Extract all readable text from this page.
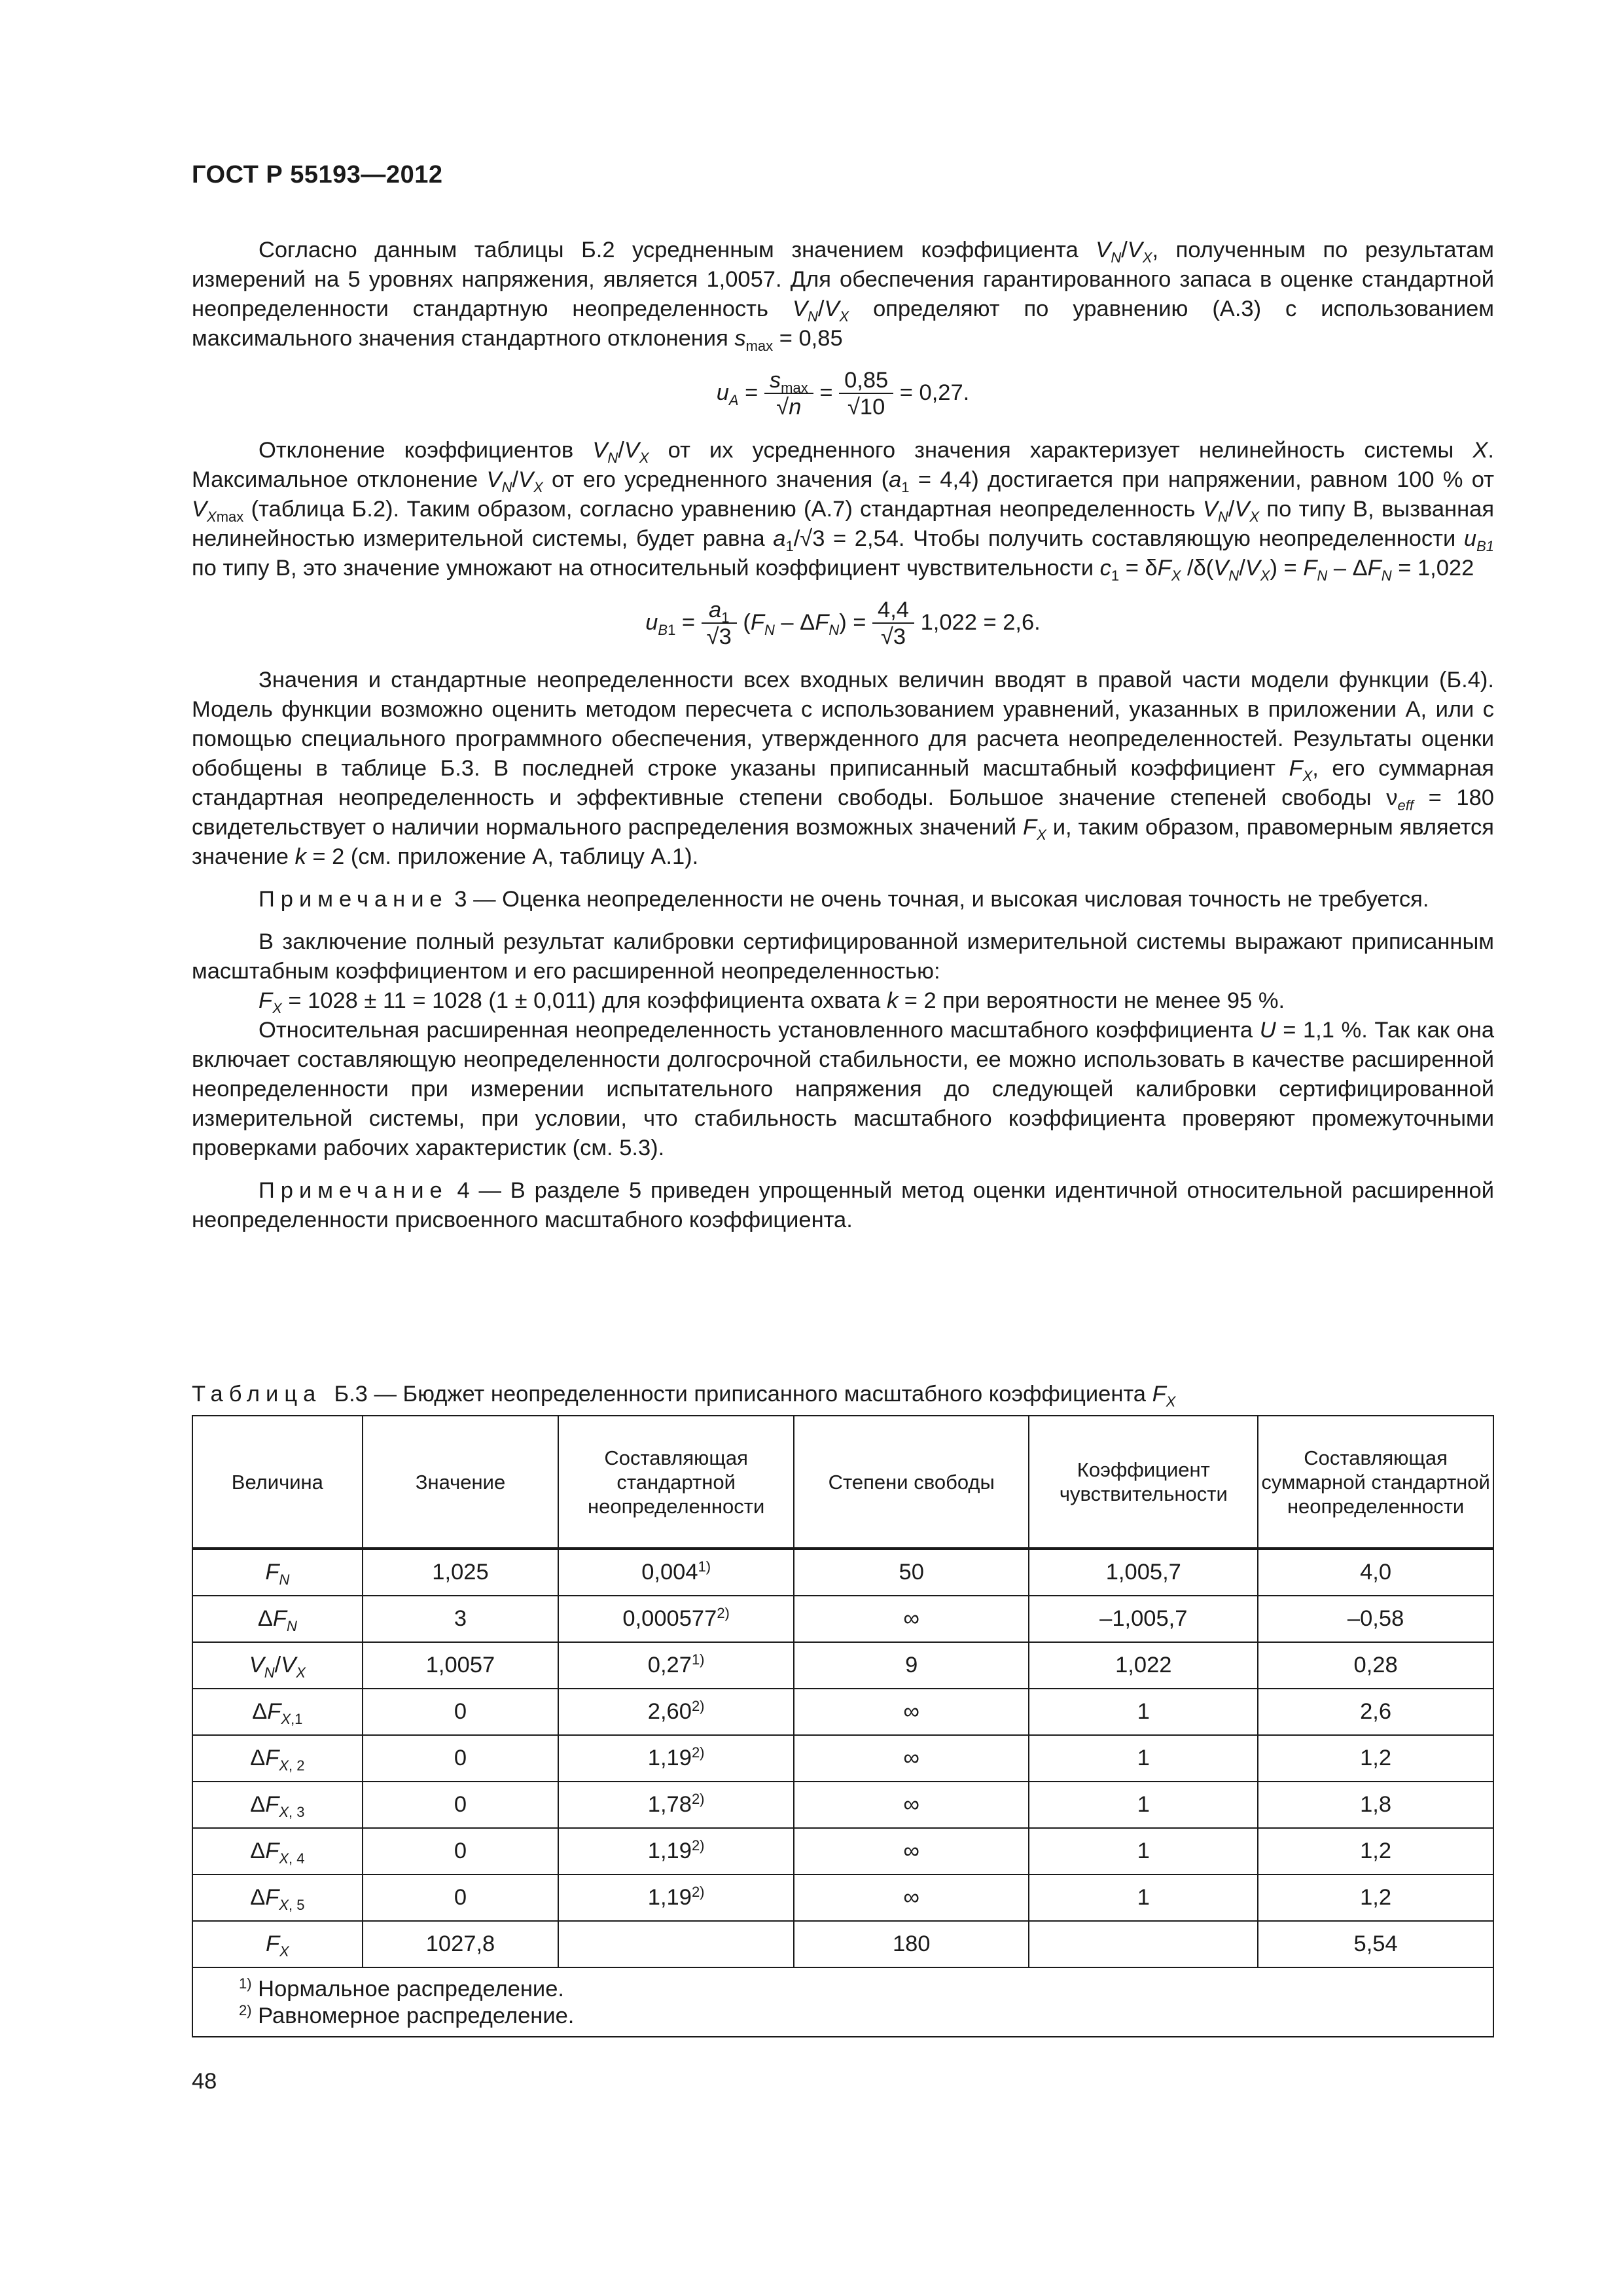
ГОСТ Р 55193—2012

Согласно данным таблицы Б.2 усредненным значением коэффициента $V_N/V_X$, полученным по результатам измерений на 5 уровнях напряжения, является 1,0057. Для обеспечения гарантированного запаса в оценке стандартной неопределенности стандартную неопределенность $V_N/V_X$ определяют по уравнению (А.3) с использованием максимального значения стандартного отклонения $s_{max} = 0,85$

$u_A = \frac{s_{max}}{√n} = \frac{0,85}{√10} = 0,27$.

Отклонение коэффициентов $V_N/V_X$ от их усредненного значения характеризует нелинейность системы X. Максимальное отклонение $V_N/V_X$ от его усредненного значения $(a_1 = 4,4)$ достигается при напряжении, равном 100 % от $V_{Xmax}$ (таблица Б.2). Таким образом, согласно уравнению (А.7) стандартная неопределенность $V_N/V_X$ по типу В, вызванная нелинейностью измерительной системы, будет равна $a_1/√3 = 2,54$. Чтобы получить составляющую неопределенности $u_{B1}$ по типу В, это значение умножают на относительный коэффициент чувствительности $c_1 = \delta F_X$ $/\delta(V_N/V_X) = F_N - \Delta F_N = 1,022$

$u_{B1} = \frac{a_1}{√3} (F_N - \Delta F_N) = \frac{4,4}{√3} 1,022 = 2,6$.

Значения и стандартные неопределенности всех входных величин вводят в правой части модели функции (Б.4). Модель функции возможно оценить методом пересчета с использованием уравнений, указанных в приложении А, или с помощью специального программного обеспечения, утвержденного для расчета неопределенностей. Результаты оценки обобщены в таблице Б.3. В последней строке указаны приписанный масштабный коэффициент $F_X$, его суммарная стандартная неопределенность и эффективные степени свободы. Большое значение степеней свободы $\nu_{eff} = 180$ свидетельствует о наличии нормального распределения возможных значений $F_X$ и, таким образом, правомерным является значение k = 2 (см. приложение А, таблицу А.1).

Примечание 3 — Оценка неопределенности не очень точная, и высокая числовая точность не требуется.

В заключение полный результат калибровки сертифицированной измерительной системы выражают приписанным масштабным коэффициентом и его расширенной неопределенностью:

$F_X = 1028 \pm 11 = 1028$ (1 ± 0,011) для коэффициента охвата k = 2 при вероятности не менее 95 %.

Относительная расширенная неопределенность установленного масштабного коэффициента U = 1,1 %. Так как она включает составляющую неопределенности долгосрочной стабильности, ее можно использовать в качестве расширенной неопределенности при измерении испытательного напряжения до следующей калибровки сертифицированной измерительной системы, при условии, что стабильность масштабного коэффициента проверяют промежуточными проверками рабочих характеристик (см. 5.3).

Примечание 4 — В разделе 5 приведен упрощенный метод оценки идентичной относительной расширенной неопределенности присвоенного масштабного коэффициента.

Таблица  Б.3 — Бюджет неопределенности приписанного масштабного коэффициента $F_X$
Величина	Значение	Составляющая стандартной неопределенности	Степени свободы	Коэффициент чувствительности	Составляющая суммарной стандартной неопределенности
$F_N$	1,025	0,004$^{1)}$	50	1,005,7	4,0
$\Delta F_N$	3	0,000577$^{2)}$	∞	–1,005,7	–0,58
$V_N/V_X$	1,0057	0,27$^{1)}$	9	1,022	0,28
$\Delta F_{X,1}$	0	2,60$^{2)}$	∞	1	2,6
$\Delta F_{X, 2}$	0	1,19$^{2)}$	∞	1	1,2
$\Delta F_{X, 3}$	0	1,78$^{2)}$	∞	1	1,8
$\Delta F_{X, 4}$	0	1,19$^{2)}$	∞	1	1,2
$\Delta F_{X, 5}$	0	1,19$^{2)}$	∞	1	1,2
$F_X$	1027,8		180		5,54

$^{1)}$ Нормальное распределение.
$^{2)}$ Равномерное распределение.					
48
